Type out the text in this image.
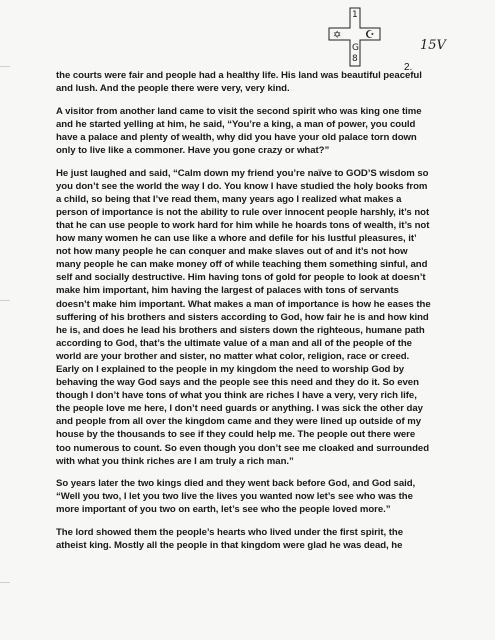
✡ ☪
1
G
8
15V
2.

the courts were fair and people had a healthy life. His land was beautiful peaceful and lush. And the people there were very, very kind.

A visitor from another land came to visit the second spirit who was king one time and he started yelling at him, he said, “You’re a king, a man of power, you could have a palace and plenty of wealth, why did you have your old palace torn down only to live like a commoner. Have you gone crazy or what?”

He just laughed and said, “Calm down my friend you’re naïve to GOD’S wisdom so you don’t see the world the way I do. You know I have studied the holy books from a child, so being that I’ve read them, many years ago I realized what makes a person of importance is not the ability to rule over innocent people harshly, it’s not that he can use people to work hard for him while he hoards tons of wealth, it’s not how many women he can use like a whore and defile for his lustful pleasures, it’ not how many people he can conquer and make slaves out of and it’s not how many people he can make money off of while teaching them something sinful, and self and socially destructive. Him having tons of gold for people to look at doesn’t make him important, him having the largest of palaces with tons of servants doesn’t make him important. What makes a man of importance is how he eases the suffering of his brothers and sisters according to God, how fair he is and how kind he is, and does he lead his brothers and sisters down the righteous, humane path according to God, that’s the ultimate value of a man and all of the people of the world are your brother and sister, no matter what color, religion, race or creed. Early on I explained to the people in my kingdom the need to worship God by behaving the way God says and the people see this need and they do it. So even though I don’t have tons of what you think are riches I have a very, very rich life, the people love me here, I don’t need guards or anything. I was sick the other day and people from all over the kingdom came and they were lined up outside of my house by the thousands to see if they could help me. The people out there were too numerous to count. So even though you don’t see me cloaked and surrounded with what you think riches are I am truly a rich man.”

So years later the two kings died and they went back before God, and God said, “Well you two, I let you two live the lives you wanted now let’s see who was the more important of you two on earth, let’s see who the people loved more.”

The lord showed them the people’s hearts who lived under the first spirit, the atheist king. Mostly all the people in that kingdom were glad he was dead, he
